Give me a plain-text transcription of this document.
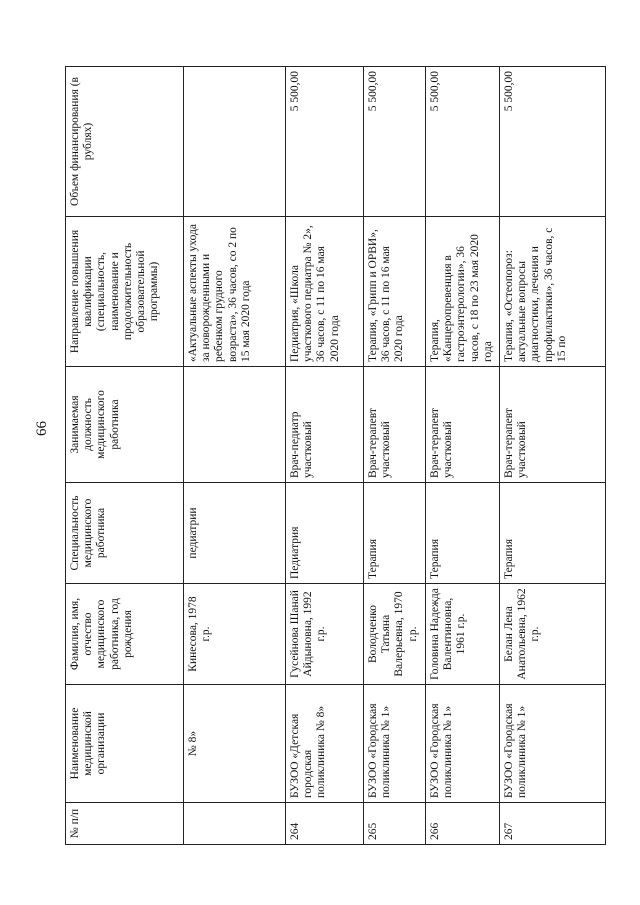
66
№ п/п	Наименование медицинской организации	Фамилия, имя, отчество медицинского работника, год рождения	Специальность медицинского работника	Занимаемая должность медицинского работника	Направление повышения квалификации (специальность, наименование и продолжительность образовательной программы)	Объем финансирования (в рублях)
	№ 8»	Кинесова, 1978 г.р.	педиатрии		«Актуальные аспекты ухода за новорожденными и ребенком грудного возраста», 36 часов, со 2 по 15 мая 2020 года	
264	БУЗОО «Детская городская поликлиника № 8»	Гусейнова Шанай Айдыновна, 1992 г.р.	Педиатрия	Врач-педиатр участковый	Педиатрия, «Школа участкового педиатра № 2», 36 часов, с 11 по 16 мая 2020 года	5 500,00
265	БУЗОО «Городская поликлиника № 1»	Володченко Татьяна Валерьевна, 1970 г.р.	Терапия	Врач-терапевт участковый	Терапия, «Грипп и ОРВИ», 36 часов, с 11 по 16 мая 2020 года	5 500,00
266	БУЗОО «Городская поликлиника № 1»	Головина Надежда Валентиновна, 1961 г.р.	Терапия	Врач-терапевт участковый	Терапия, «Канцеропревенция в гастроэнтерологии», 36 часов, с 18 по 23 мая 2020 года	5 500,00
267	БУЗОО «Городская поликлиника № 1»	Белан Лена Анатольевна, 1962 г.р.	Терапия	Врач-терапевт участковый	Терапия, «Остеопороз: актуальные вопросы диагностики, лечения и профилактики», 36 часов, с 15 по	5 500,00
